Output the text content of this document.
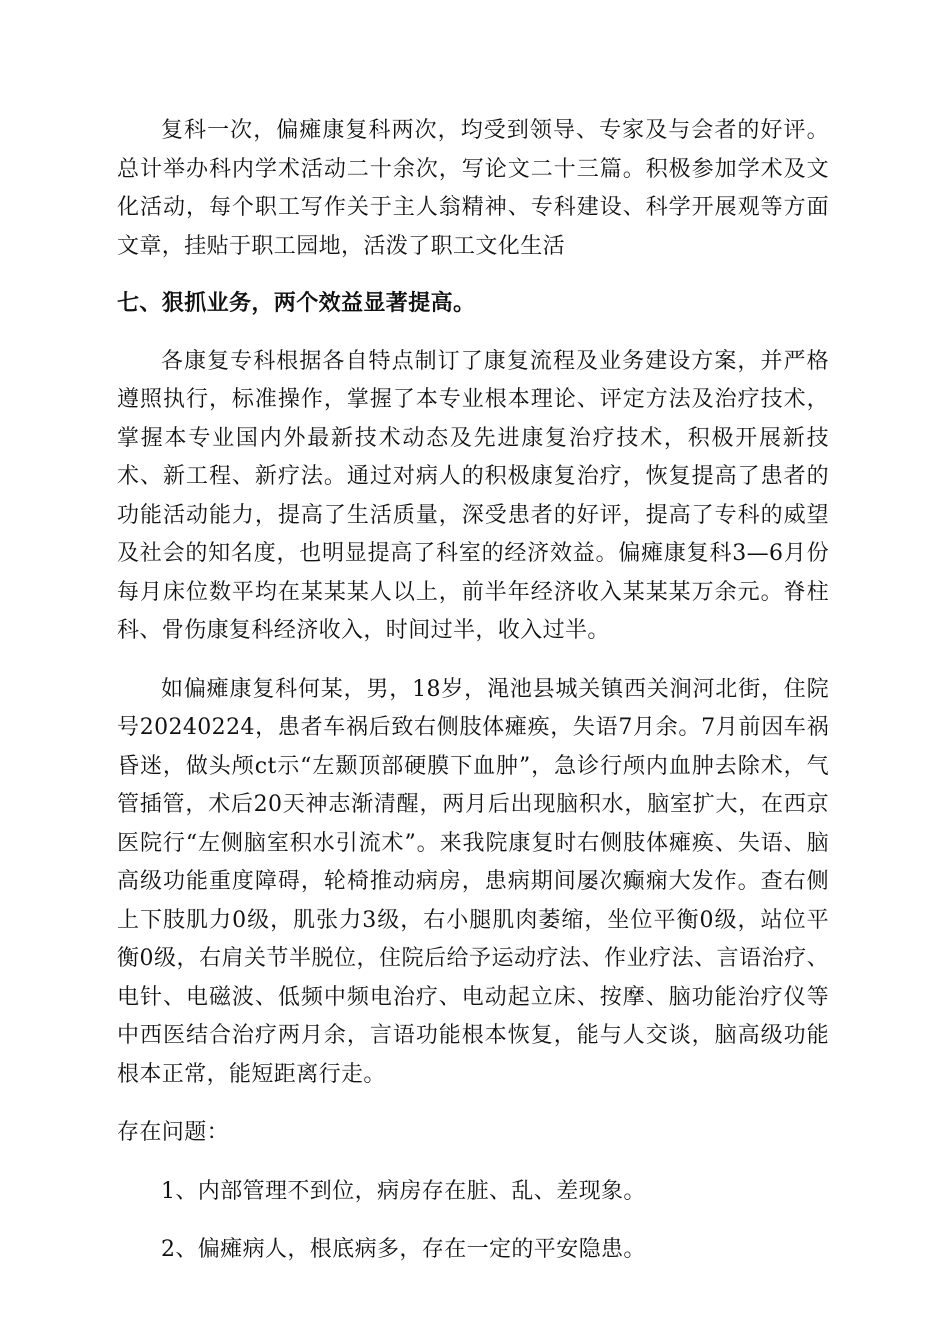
复科一次，偏瘫康复科两次，均受到领导、专家及与会者的好评。总计举办科内学术活动二十余次，写论文二十三篇。积极参加学术及文化活动，每个职工写作关于主人翁精神、专科建设、科学开展观等方面文章，挂贴于职工园地，活泼了职工文化生活

七、狠抓业务，两个效益显著提高。

各康复专科根据各自特点制订了康复流程及业务建设方案，并严格遵照执行，标准操作，掌握了本专业根本理论、评定方法及治疗技术，掌握本专业国内外最新技术动态及先进康复治疗技术，积极开展新技术、新工程、新疗法。通过对病人的积极康复治疗，恢复提高了患者的功能活动能力，提高了生活质量，深受患者的好评，提高了专科的威望及社会的知名度，也明显提高了科室的经济效益。偏瘫康复科3—6月份每月床位数平均在某某某人以上，前半年经济收入某某某万余元。脊柱科、骨伤康复科经济收入，时间过半，收入过半。

如偏瘫康复科何某，男，18岁，渑池县城关镇西关涧河北街，住院号20240224，患者车祸后致右侧肢体瘫痪，失语7月余。7月前因车祸昏迷，做头颅ct示“左颞顶部硬膜下血肿”，急诊行颅内血肿去除术，气管插管，术后20天神志渐清醒，两月后出现脑积水，脑室扩大，在西京医院行“左侧脑室积水引流术”。来我院康复时右侧肢体瘫痪、失语、脑高级功能重度障碍，轮椅推动病房，患病期间屡次癫痫大发作。查右侧上下肢肌力0级，肌张力3级，右小腿肌肉萎缩，坐位平衡0级，站位平衡0级，右肩关节半脱位，住院后给予运动疗法、作业疗法、言语治疗、电针、电磁波、低频中频电治疗、电动起立床、按摩、脑功能治疗仪等中西医结合治疗两月余，言语功能根本恢复，能与人交谈，脑高级功能根本正常，能短距离行走。

存在问题：

1、内部管理不到位，病房存在脏、乱、差现象。

2、偏瘫病人，根底病多，存在一定的平安隐患。
